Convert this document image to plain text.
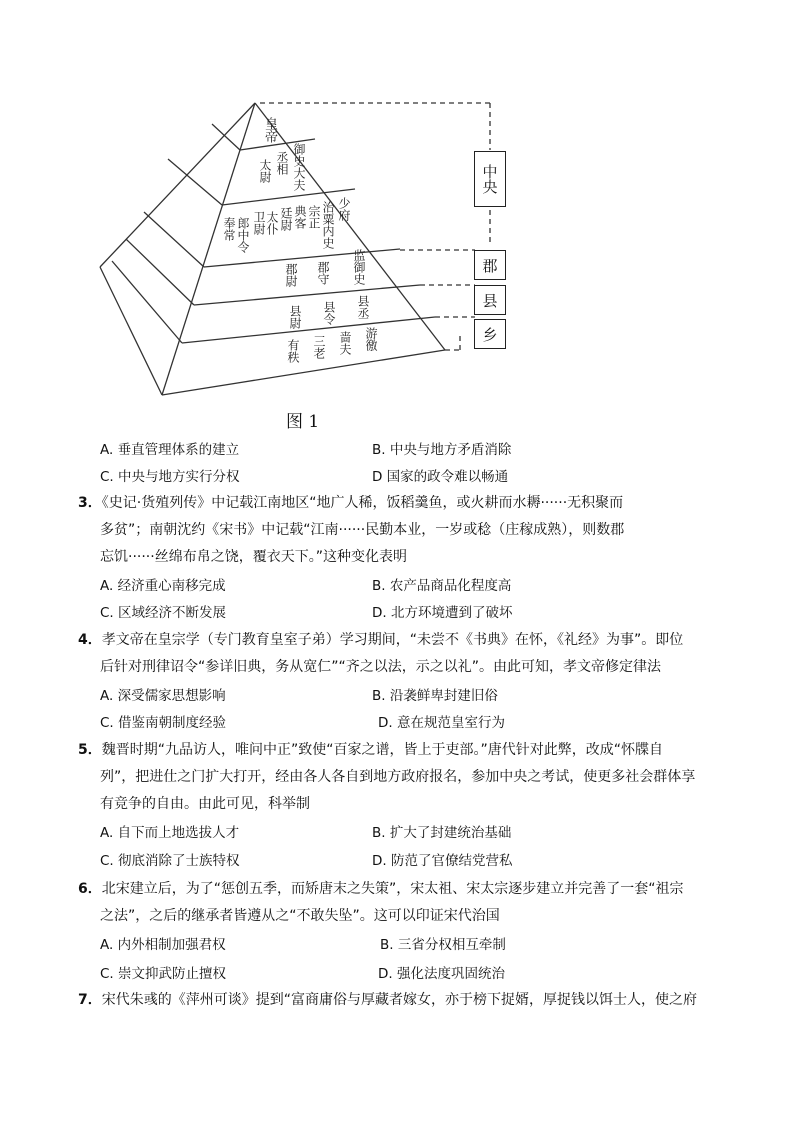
皇帝
太尉 丞相 御史大夫
奉常 郎中令 卫尉 太仆 廷尉 典客 宗正 治粟内史 少府
郡尉 郡守 监御史
县尉 县令 县丞
有秩 三老 啬夫 游徼
中央
郡
县
乡
图 1
A. 垂直管理体系的建立	B. 中央与地方矛盾消除
C. 中央与地方实行分权	D 国家的政令难以畅通
3．《史记·货殖列传》中记载江南地区“地广人稀，饭稻羹鱼，或火耕而水耨······无积聚而
多贫”；南朝沈约《宋书》中记载“江南······民勤本业，一岁或稔（庄稼成熟），则数郡
忘饥······丝绵布帛之饶，覆衣天下。”这种变化表明
A. 经济重心南移完成	B. 农产品商品化程度高
C. 区域经济不断发展	D. 北方环境遭到了破坏
4．孝文帝在皇宗学（专门教育皇室子弟）学习期间，“未尝不《书典》在怀，《礼经》为事”。即位
后针对刑律诏令“参详旧典，务从宽仁”“齐之以法，示之以礼”。由此可知，孝文帝修定律法
A. 深受儒家思想影响	B. 沿袭鲜卑封建旧俗
C. 借鉴南朝制度经验	D. 意在规范皇室行为
5．魏晋时期“九品访人，唯问中正”致使“百家之谱，皆上于吏部。”唐代针对此弊，改成“怀牒自
列”，把进仕之门扩大打开，经由各人各自到地方政府报名，参加中央之考试，使更多社会群体享
有竞争的自由。由此可见，科举制
A. 自下而上地选拔人才	B. 扩大了封建统治基础
C. 彻底消除了士族特权	D. 防范了官僚结党营私
6．北宋建立后，为了“惩创五季，而矫唐末之失策”，宋太祖、宋太宗逐步建立并完善了一套“祖宗
之法”，之后的继承者皆遵从之“不敢失坠”。这可以印证宋代治国
A. 内外相制加强君权	B. 三省分权相互牵制
C. 崇文抑武防止擅权	D. 强化法度巩固统治
7．宋代朱彧的《萍州可谈》提到“富商庸俗与厚藏者嫁女，亦于榜下捉婿，厚捉钱以饵士人，使之府
